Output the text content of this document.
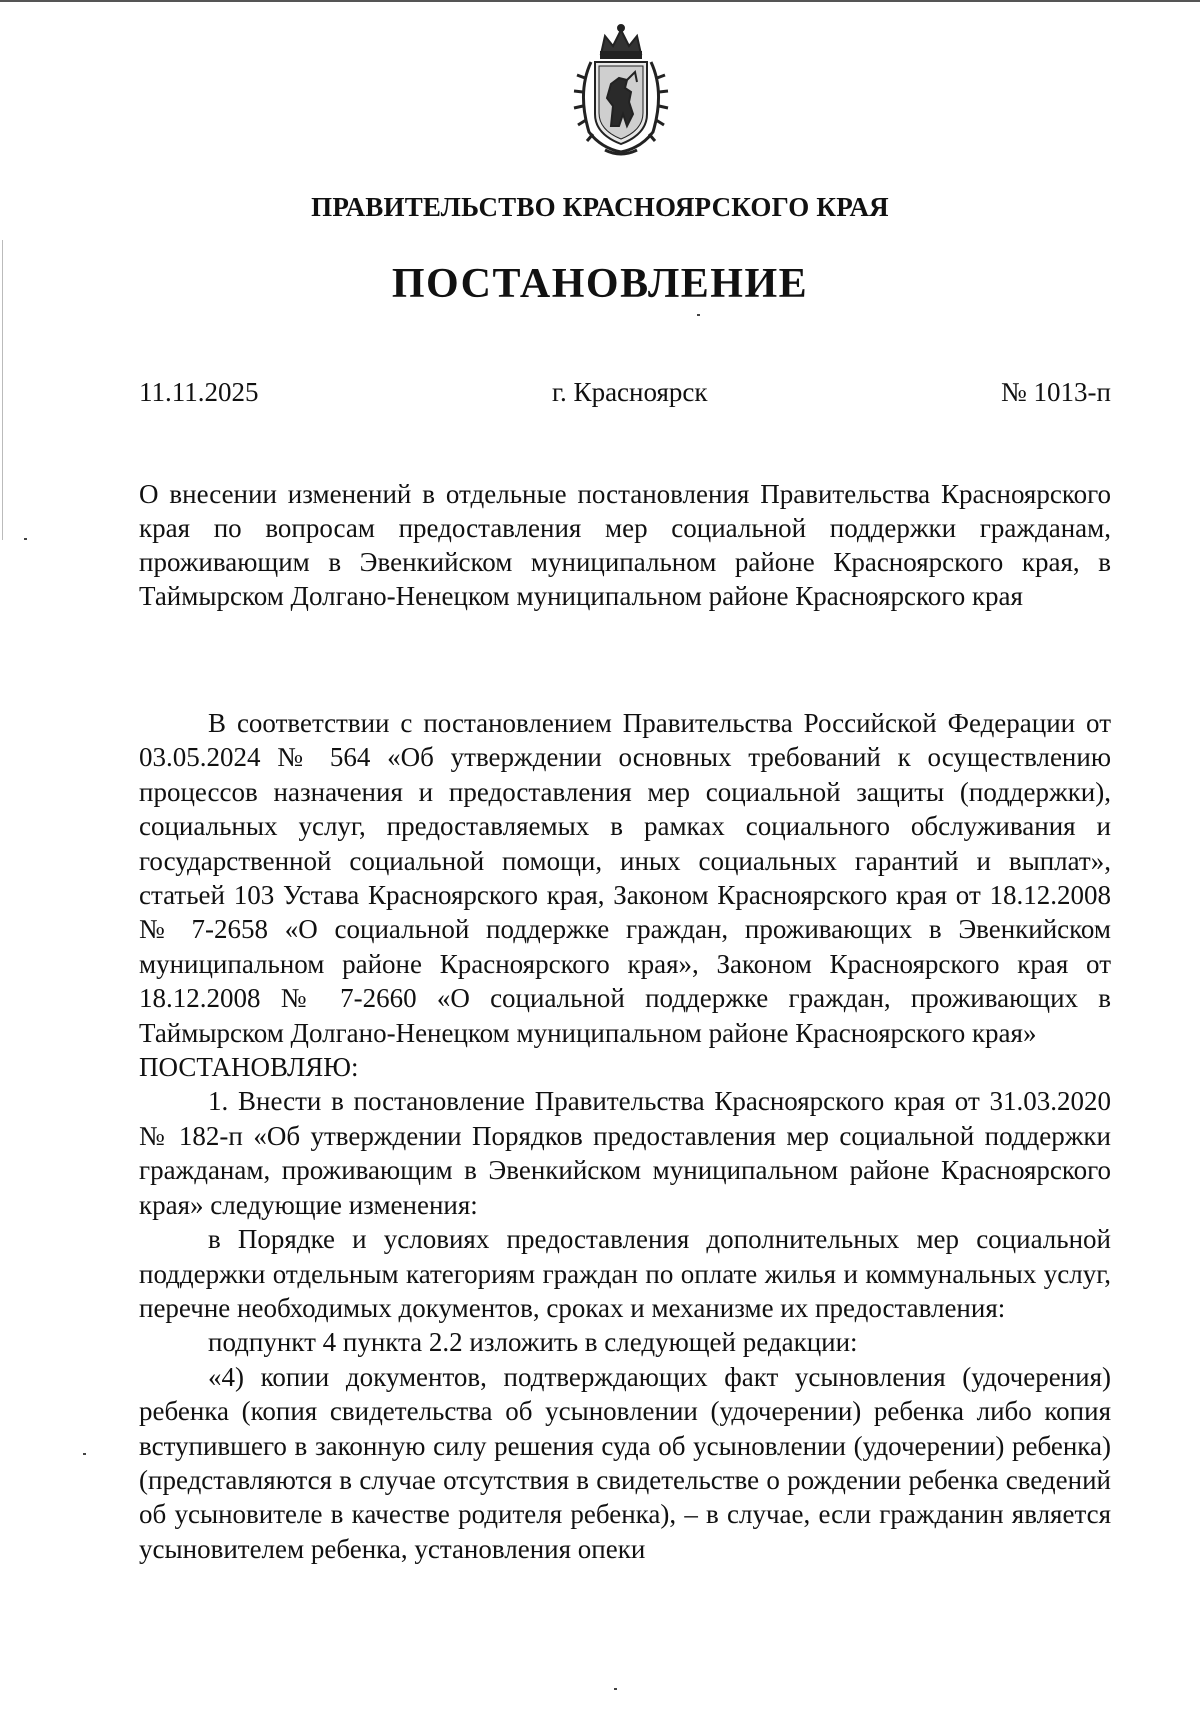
ПРАВИТЕЛЬСТВО КРАСНОЯРСКОГО КРАЯ
ПОСТАНОВЛЕНИЕ
11.11.2025	г. Красноярск	№ 1013-п
О внесении изменений в отдельные постановления Правительства Красноярского края по вопросам предоставления мер социальной поддержки гражданам, проживающим в Эвенкийском муниципальном районе Красноярского края, в Таймырском Долгано-Ненецком муниципальном районе Красноярского края

В соответствии с постановлением Правительства Российской Федерации от 03.05.2024 № 564 «Об утверждении основных требований к осуществлению процессов назначения и предоставления мер социальной защиты (поддержки), социальных услуг, предоставляемых в рамках социального обслуживания и государственной социальной помощи, иных социальных гарантий и выплат», статьей 103 Устава Красноярского края, Законом Красноярского края от 18.12.2008 № 7-2658 «О социальной поддержке граждан, проживающих в Эвенкийском муниципальном районе Красноярского края», Законом Красноярского края от 18.12.2008 № 7-2660 «О социальной поддержке граждан, проживающих в Таймырском Долгано-Ненецком муниципальном районе Красноярского края»

ПОСТАНОВЛЯЮ:

1. Внести в постановление Правительства Красноярского края от 31.03.2020 № 182-п «Об утверждении Порядков предоставления мер социальной поддержки гражданам, проживающим в Эвенкийском муниципальном районе Красноярского края» следующие изменения:

в Порядке и условиях предоставления дополнительных мер социальной поддержки отдельным категориям граждан по оплате жилья и коммунальных услуг, перечне необходимых документов, сроках и механизме их предоставления:

подпункт 4 пункта 2.2 изложить в следующей редакции:

«4) копии документов, подтверждающих факт усыновления (удочерения) ребенка (копия свидетельства об усыновлении (удочерении) ребенка либо копия вступившего в законную силу решения суда об усыновлении (удочерении) ребенка) (представляются в случае отсутствия в свидетельстве о рождении ребенка сведений об усыновителе в качестве родителя ребенка), – в случае, если гражданин является усыновителем ребенка, установления опеки
